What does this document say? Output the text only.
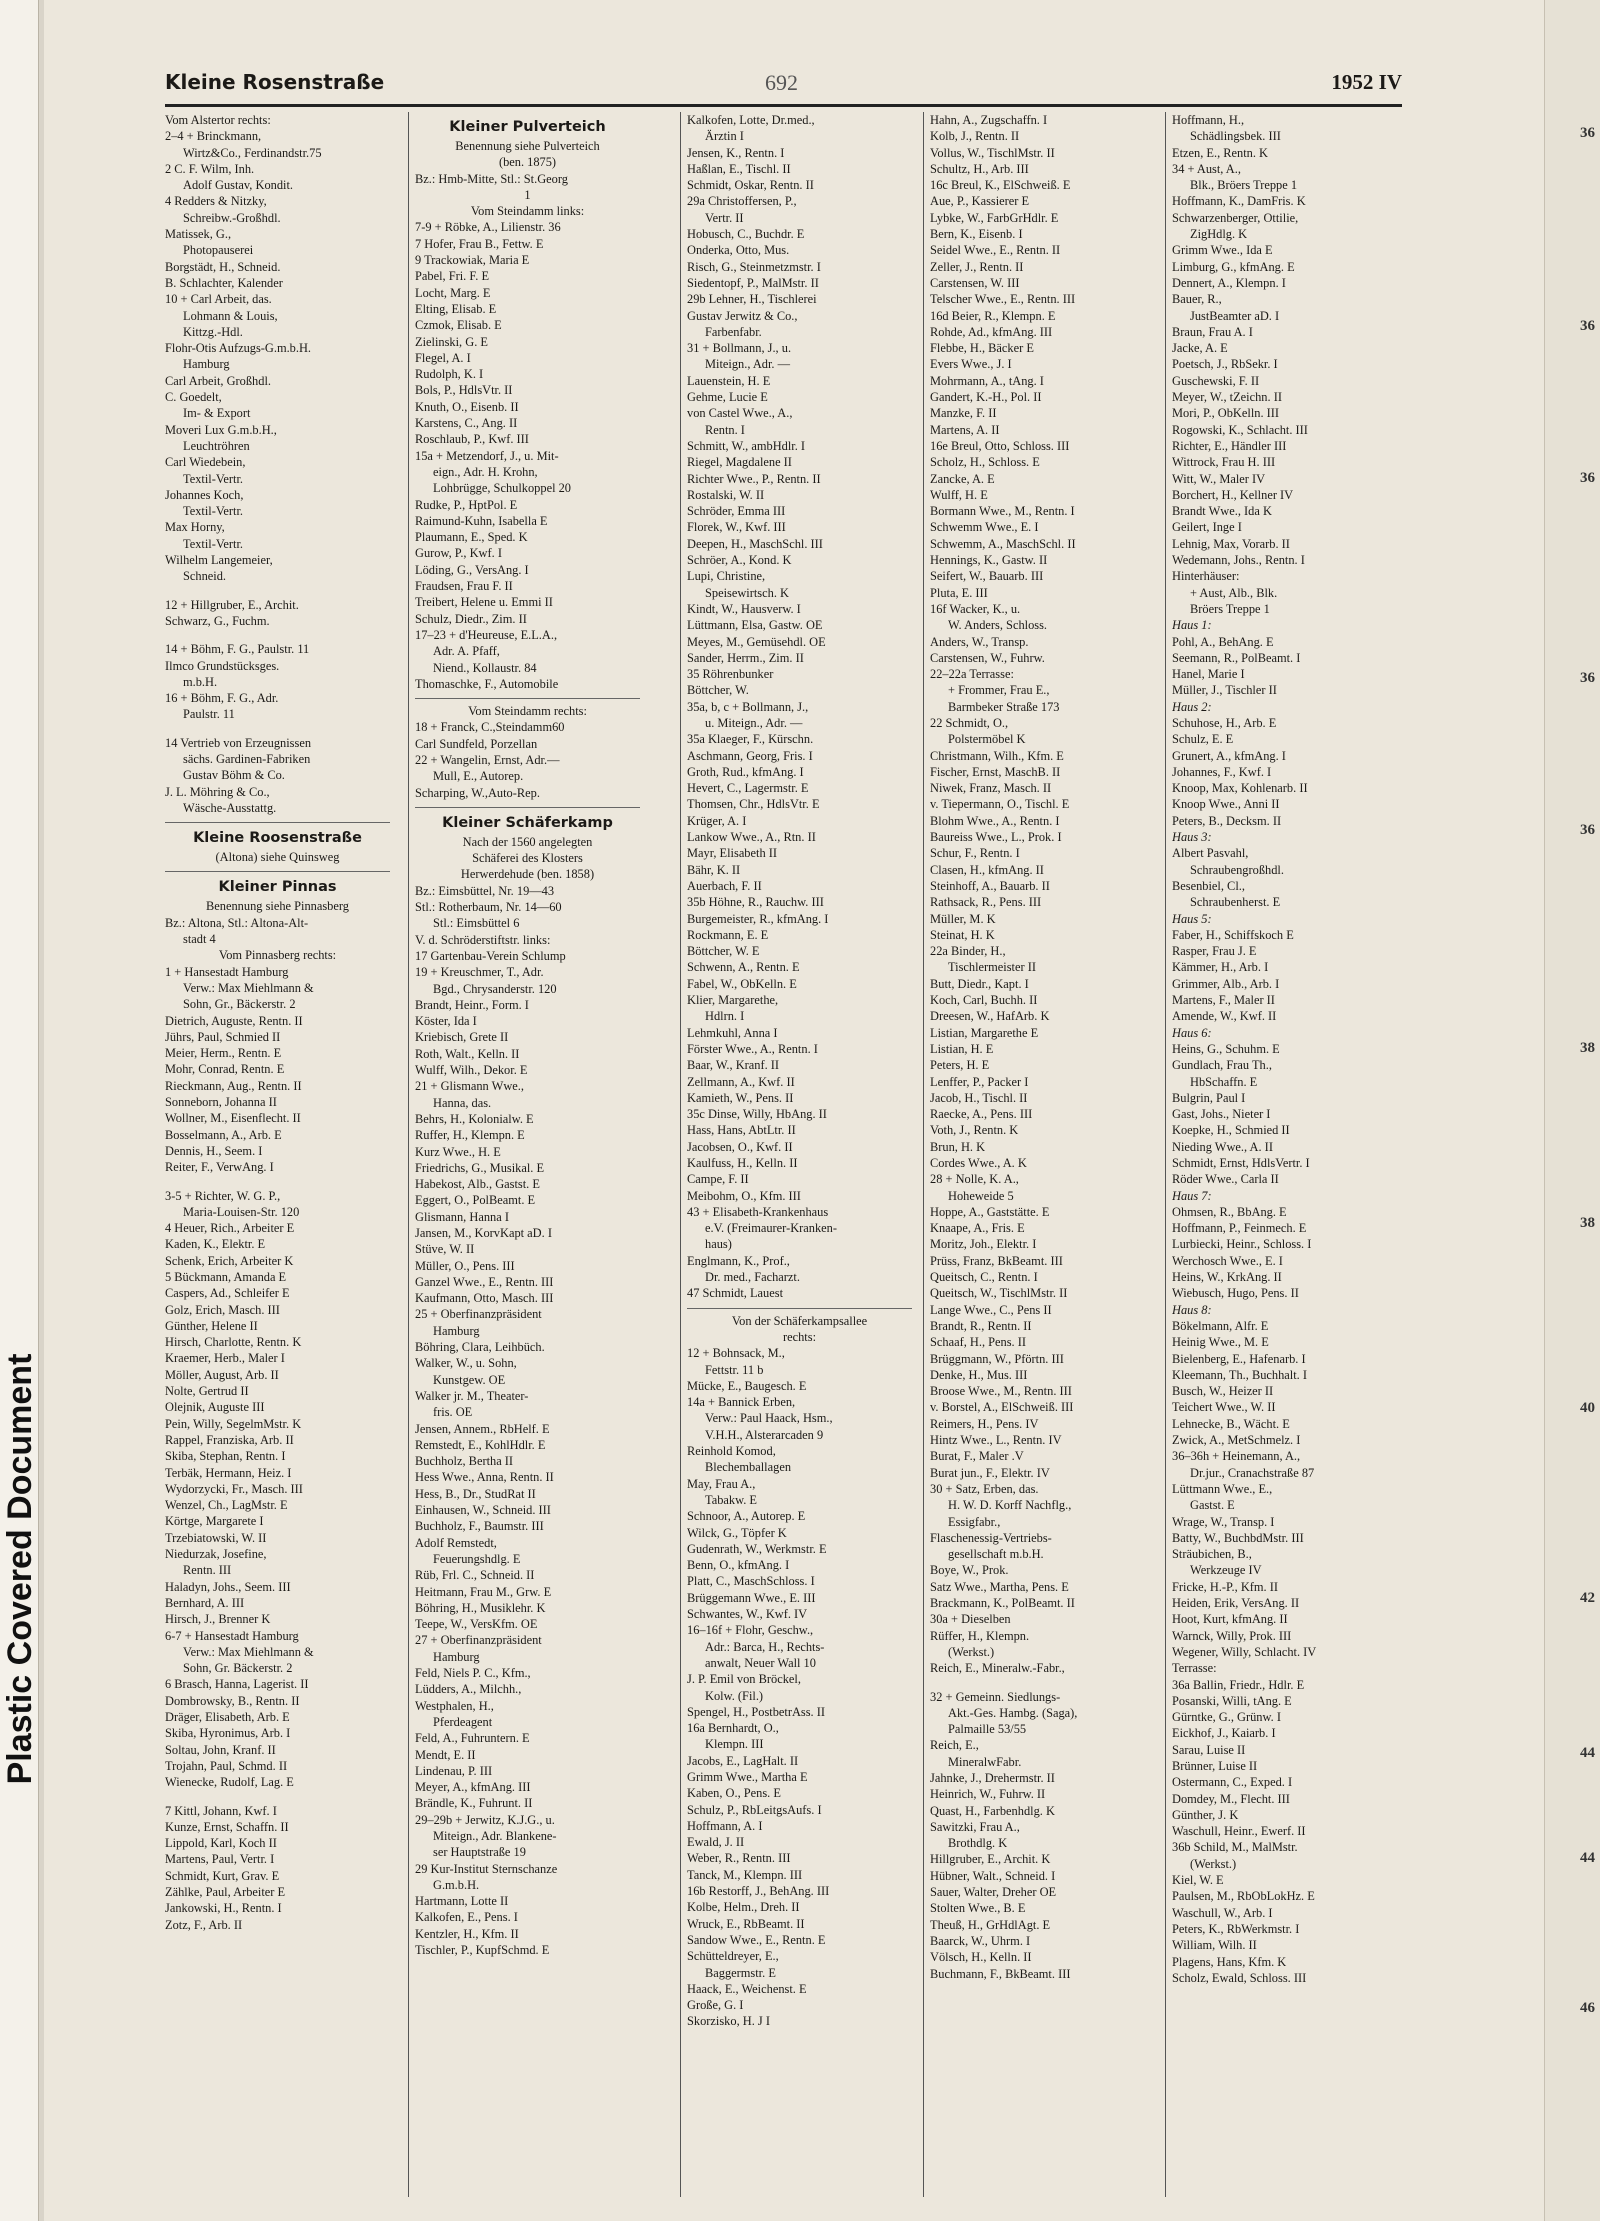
Plastic Covered Document
36
36
36
36
36
38
38
40
42
44
44
46
Kleine Rosenstraße	692	1952 IV
Vom Alstertor rechts:
2–4 + Brinckmann,
Wirtz&Co., Ferdinandstr.75
2 C. F. Wilm, Inh.
Adolf Gustav, Kondit.
4 Redders & Nitzky,
Schreibw.-Großhdl.
Matissek, G.,
Photopauserei
Borgstädt, H., Schneid.
B. Schlachter, Kalender
10 + Carl Arbeit, das.
Lohmann & Louis,
Kittzg.-Hdl.
Flohr-Otis Aufzugs-G.m.b.H.
Hamburg
Carl Arbeit, Großhdl.
C. Goedelt,
Im- & Export
Moveri Lux G.m.b.H.,
Leuchtröhren
Carl Wiedebein,
Textil-Vertr.
Johannes Koch,
Textil-Vertr.
Max Horny,
Textil-Vertr.
Wilhelm Langemeier,
Schneid.
12 + Hillgruber, E., Archit.
Schwarz, G., Fuchm.
14 + Böhm, F. G., Paulstr. 11
Ilmco Grundstücksges.
m.b.H.
16 + Böhm, F. G., Adr.
Paulstr. 11
14 Vertrieb von Erzeugnissen
sächs. Gardinen-Fabriken
Gustav Böhm & Co.
J. L. Möhring & Co.,
Wäsche-Ausstattg.
Kleine Roosenstraße
(Altona) siehe Quinsweg
Kleiner Pinnas
Benennung siehe Pinnasberg
Bz.: Altona, Stl.: Altona-Alt-
stadt 4
Vom Pinnasberg rechts:
1 + Hansestadt Hamburg
Verw.: Max Miehlmann &
Sohn, Gr., Bäckerstr. 2
Dietrich, Auguste, Rentn. II
Jührs, Paul, Schmied II
Meier, Herm., Rentn. E
Mohr, Conrad, Rentn. E
Rieckmann, Aug., Rentn. II
Sonneborn, Johanna II
Wollner, M., Eisenflecht. II
Bosselmann, A., Arb. E
Dennis, H., Seem. I
Reiter, F., VerwAng. I
3-5 + Richter, W. G. P.,
Maria-Louisen-Str. 120
4 Heuer, Rich., Arbeiter E
Kaden, K., Elektr. E
Schenk, Erich, Arbeiter K
5 Bückmann, Amanda E
Caspers, Ad., Schleifer E
Golz, Erich, Masch. III
Günther, Helene II
Hirsch, Charlotte, Rentn. K
Kraemer, Herb., Maler I
Möller, August, Arb. II
Nolte, Gertrud II
Olejnik, Auguste III
Pein, Willy, SegelmMstr. K
Rappel, Franziska, Arb. II
Skiba, Stephan, Rentn. I
Terbäk, Hermann, Heiz. I
Wydorzycki, Fr., Masch. III
Wenzel, Ch., LagMstr. E
Körtge, Margarete I
Trzebiatowski, W. II
Niedurzak, Josefine,
Rentn. III
Haladyn, Johs., Seem. III
Bernhard, A. III
Hirsch, J., Brenner K
6-7 + Hansestadt Hamburg
Verw.: Max Miehlmann &
Sohn, Gr. Bäckerstr. 2
6 Brasch, Hanna, Lagerist. II
Dombrowsky, B., Rentn. II
Dräger, Elisabeth, Arb. E
Skiba, Hyronimus, Arb. I
Soltau, John, Kranf. II
Trojahn, Paul, Schmd. II
Wienecke, Rudolf, Lag. E
7 Kittl, Johann, Kwf. I
Kunze, Ernst, Schaffn. II
Lippold, Karl, Koch II
Martens, Paul, Vertr. I
Schmidt, Kurt, Grav. E
Zählke, Paul, Arbeiter E
Jankowski, H., Rentn. I
Zotz, F., Arb. II
Kleiner Pulverteich
Benennung siehe Pulverteich
(ben. 1875)
Bz.: Hmb-Mitte, Stl.: St.Georg
1
Vom Steindamm links:
7-9 + Röbke, A., Lilienstr. 36
7 Hofer, Frau B., Fettw. E
9 Trackowiak, Maria E
Pabel, Fri. F. E
Locht, Marg. E
Elting, Elisab. E
Czmok, Elisab. E
Zielinski, G. E
Flegel, A. I
Rudolph, K. I
Bols, P., HdlsVtr. II
Knuth, O., Eisenb. II
Karstens, C., Ang. II
Roschlaub, P., Kwf. III
15a + Metzendorf, J., u. Mit-
eign., Adr. H. Krohn,
Lohbrügge, Schulkoppel 20
Rudke, P., HptPol. E
Raimund-Kuhn, Isabella E
Plaumann, E., Sped. K
Gurow, P., Kwf. I
Löding, G., VersAng. I
Fraudsen, Frau F. II
Treibert, Helene u. Emmi II
Schulz, Diedr., Zim. II
17–23 + d'Heureuse, E.L.A.,
Adr. A. Pfaff,
Niend., Kollaustr. 84
Thomaschke, F., Automobile
Vom Steindamm rechts:
18 + Franck, C.,Steindamm60
Carl Sundfeld, Porzellan
22 + Wangelin, Ernst, Adr.—
Mull, E., Autorep.
Scharping, W.,Auto-Rep.
Kleiner Schäferkamp
Nach der 1560 angelegten
Schäferei des Klosters
Herwerdehude (ben. 1858)
Bz.: Eimsbüttel, Nr. 19—43
Stl.: Rotherbaum, Nr. 14—60
Stl.: Eimsbüttel 6
V. d. Schröderstiftstr. links:
17 Gartenbau-Verein Schlump
19 + Kreuschmer, T., Adr.
Bgd., Chrysanderstr. 120
Brandt, Heinr., Form. I
Köster, Ida I
Kriebisch, Grete II
Roth, Walt., Kelln. II
Wulff, Wilh., Dekor. E
21 + Glismann Wwe.,
Hanna, das.
Behrs, H., Kolonialw. E
Ruffer, H., Klempn. E
Kurz Wwe., H. E
Friedrichs, G., Musikal. E
Habekost, Alb., Gastst. E
Eggert, O., PolBeamt. E
Glismann, Hanna I
Jansen, M., KorvKapt aD. I
Stüve, W. II
Müller, O., Pens. III
Ganzel Wwe., E., Rentn. III
Kaufmann, Otto, Masch. III
25 + Oberfinanzpräsident
Hamburg
Böhring, Clara, Leihbüch.
Walker, W., u. Sohn,
Kunstgew. OE
Walker jr. M., Theater-
fris. OE
Jensen, Annem., RbHelf. E
Remstedt, E., KohlHdlr. E
Buchholz, Bertha II
Hess Wwe., Anna, Rentn. II
Hess, B., Dr., StudRat II
Einhausen, W., Schneid. III
Buchholz, F., Baumstr. III
Adolf Remstedt,
Feuerungshdlg. E
Rüb, Frl. C., Schneid. II
Heitmann, Frau M., Grw. E
Böhring, H., Musiklehr. K
Teepe, W., VersKfm. OE
27 + Oberfinanzpräsident
Hamburg
Feld, Niels P. C., Kfm.,
Lüdders, A., Milchh.,
Westphalen, H.,
Pferdeagent
Feld, A., Fuhruntern. E
Mendt, E. II
Lindenau, P. III
Meyer, A., kfmAng. III
Brändle, K., Fuhrunt. II
29–29b + Jerwitz, K.J.G., u.
Miteign., Adr. Blankene-
ser Hauptstraße 19
29 Kur-Institut Sternschanze
G.m.b.H.
Hartmann, Lotte II
Kalkofen, E., Pens. I
Kentzler, H., Kfm. II
Tischler, P., KupfSchmd. E
Kalkofen, Lotte, Dr.med.,
Ärztin I
Jensen, K., Rentn. I
Haßlan, E., Tischl. II
Schmidt, Oskar, Rentn. II
29a Christoffersen, P.,
Vertr. II
Hobusch, C., Buchdr. E
Onderka, Otto, Mus.
Risch, G., Steinmetzmstr. I
Siedentopf, P., MalMstr. II
29b Lehner, H., Tischlerei
Gustav Jerwitz & Co.,
Farbenfabr.
31 + Bollmann, J., u.
Miteign., Adr. —
Lauenstein, H. E
Gehme, Lucie E
von Castel Wwe., A.,
Rentn. I
Schmitt, W., ambHdlr. I
Riegel, Magdalene II
Richter Wwe., P., Rentn. II
Rostalski, W. II
Schröder, Emma III
Florek, W., Kwf. III
Deepen, H., MaschSchl. III
Schröer, A., Kond. K
Lupi, Christine,
Speisewirtsch. K
Kindt, W., Hausverw. I
Lüttmann, Elsa, Gastw. OE
Meyes, M., Gemüsehdl. OE
Sander, Herrm., Zim. II
35 Röhrenbunker
Böttcher, W.
35a, b, c + Bollmann, J.,
u. Miteign., Adr. —
35a Klaeger, F., Kürschn.
Aschmann, Georg, Fris. I
Groth, Rud., kfmAng. I
Hevert, C., Lagermstr. E
Thomsen, Chr., HdlsVtr. E
Krüger, A. I
Lankow Wwe., A., Rtn. II
Mayr, Elisabeth II
Bähr, K. II
Auerbach, F. II
35b Höhne, R., Rauchw. III
Burgemeister, R., kfmAng. I
Rockmann, E. E
Böttcher, W. E
Schwenn, A., Rentn. E
Fabel, W., ObKelln. E
Klier, Margarethe,
Hdlrn. I
Lehmkuhl, Anna I
Förster Wwe., A., Rentn. I
Baar, W., Kranf. II
Zellmann, A., Kwf. II
Kamieth, W., Pens. II
35c Dinse, Willy, HbAng. II
Hass, Hans, AbtLtr. II
Jacobsen, O., Kwf. II
Kaulfuss, H., Kelln. II
Campe, F. II
Meibohm, O., Kfm. III
43 + Elisabeth-Krankenhaus
e.V. (Freimaurer-Kranken-
haus)
Englmann, K., Prof.,
Dr. med., Facharzt.
47 Schmidt, Lauest
Von der Schäferkampsallee
rechts:
12 + Bohnsack, M.,
Fettstr. 11 b
Mücke, E., Baugesch. E
14a + Bannick Erben,
Verw.: Paul Haack, Hsm.,
V.H.H., Alsterarcaden 9
Reinhold Komod,
Blechemballagen
May, Frau A.,
Tabakw. E
Schnoor, A., Autorep. E
Wilck, G., Töpfer K
Gudenrath, W., Werkmstr. E
Benn, O., kfmAng. I
Platt, C., MaschSchloss. I
Brüggemann Wwe., E. III
Schwantes, W., Kwf. IV
16–16f + Flohr, Geschw.,
Adr.: Barca, H., Rechts-
anwalt, Neuer Wall 10
J. P. Emil von Bröckel,
Kolw. (Fil.)
Spengel, H., PostbetrAss. II
16a Bernhardt, O.,
Klempn. III
Jacobs, E., LagHalt. II
Grimm Wwe., Martha E
Kaben, O., Pens. E
Schulz, P., RbLeitgsAufs. I
Hoffmann, A. I
Ewald, J. II
Weber, R., Rentn. III
Tanck, M., Klempn. III
16b Restorff, J., BehAng. III
Kolbe, Helm., Dreh. II
Wruck, E., RbBeamt. II
Sandow Wwe., E., Rentn. E
Schütteldreyer, E.,
Baggermstr. E
Haack, E., Weichenst. E
Große, G. I
Skorzisko, H. J I
Hahn, A., Zugschaffn. I
Kolb, J., Rentn. II
Vollus, W., TischlMstr. II
Schultz, H., Arb. III
16c Breul, K., ElSchweiß. E
Aue, P., Kassierer E
Lybke, W., FarbGrHdlr. E
Bern, K., Eisenb. I
Seidel Wwe., E., Rentn. II
Zeller, J., Rentn. II
Carstensen, W. III
Telscher Wwe., E., Rentn. III
16d Beier, R., Klempn. E
Rohde, Ad., kfmAng. III
Flebbe, H., Bäcker E
Evers Wwe., J. I
Mohrmann, A., tAng. I
Gandert, K.-H., Pol. II
Manzke, F. II
Martens, A. II
16e Breul, Otto, Schloss. III
Scholz, H., Schloss. E
Zancke, A. E
Wulff, H. E
Bormann Wwe., M., Rentn. I
Schwemm Wwe., E. I
Schwemm, A., MaschSchl. II
Hennings, K., Gastw. II
Seifert, W., Bauarb. III
Pluta, E. III
16f Wacker, K., u.
W. Anders, Schloss.
Anders, W., Transp.
Carstensen, W., Fuhrw.
22–22a Terrasse:
+ Frommer, Frau E.,
Barmbeker Straße 173
22 Schmidt, O.,
Polstermöbel K
Christmann, Wilh., Kfm. E
Fischer, Ernst, MaschB. II
Niwek, Franz, Masch. II
v. Tiepermann, O., Tischl. E
Blohm Wwe., A., Rentn. I
Baureiss Wwe., L., Prok. I
Schur, F., Rentn. I
Clasen, H., kfmAng. II
Steinhoff, A., Bauarb. II
Rathsack, R., Pens. III
Müller, M. K
Steinat, H. K
22a Binder, H.,
Tischlermeister II
Butt, Diedr., Kapt. I
Koch, Carl, Buchh. II
Dreesen, W., HafArb. K
Listian, Margarethe E
Listian, H. E
Peters, H. E
Lenffer, P., Packer I
Jacob, H., Tischl. II
Raecke, A., Pens. III
Voth, J., Rentn. K
Brun, H. K
Cordes Wwe., A. K
28 + Nolle, K. A.,
Hoheweide 5
Hoppe, A., Gaststätte. E
Knaape, A., Fris. E
Moritz, Joh., Elektr. I
Prüss, Franz, BkBeamt. III
Queitsch, C., Rentn. I
Queitsch, W., TischlMstr. II
Lange Wwe., C., Pens II
Brandt, R., Rentn. II
Schaaf, H., Pens. II
Brüggmann, W., Pförtn. III
Denke, H., Mus. III
Broose Wwe., M., Rentn. III
v. Borstel, A., ElSchweiß. III
Reimers, H., Pens. IV
Hintz Wwe., L., Rentn. IV
Burat, F., Maler .V
Burat jun., F., Elektr. IV
30 + Satz, Erben, das.
H. W. D. Korff Nachflg.,
Essigfabr.,
Flaschenessig-Vertriebs-
gesellschaft m.b.H.
Boye, W., Prok.
Satz Wwe., Martha, Pens. E
Brackmann, K., PolBeamt. II
30a + Dieselben
Rüffer, H., Klempn.
(Werkst.)
Reich, E., Mineralw.-Fabr.,
32 + Gemeinn. Siedlungs-
Akt.-Ges. Hambg. (Saga),
Palmaille 53/55
Reich, E.,
MineralwFabr.
Jahnke, J., Drehermstr. II
Heinrich, W., Fuhrw. II
Quast, H., Farbenhdlg. K
Sawitzki, Frau A.,
Brothdlg. K
Hillgruber, E., Archit. K
Hübner, Walt., Schneid. I
Sauer, Walter, Dreher OE
Stolten Wwe., B. E
Theuß, H., GrHdlAgt. E
Baarck, W., Uhrm. I
Völsch, H., Kelln. II
Buchmann, F., BkBeamt. III
Hoffmann, H.,
Schädlingsbek. III
Etzen, E., Rentn. K
34 + Aust, A.,
Blk., Bröers Treppe 1
Hoffmann, K., DamFris. K
Schwarzenberger, Ottilie,
ZigHdlg. K
Grimm Wwe., Ida E
Limburg, G., kfmAng. E
Dennert, A., Klempn. I
Bauer, R.,
JustBeamter aD. I
Braun, Frau A. I
Jacke, A. E
Poetsch, J., RbSekr. I
Guschewski, F. II
Meyer, W., tZeichn. II
Mori, P., ObKelln. III
Rogowski, K., Schlacht. III
Richter, E., Händler III
Wittrock, Frau H. III
Witt, W., Maler IV
Borchert, H., Kellner IV
Brandt Wwe., Ida K
Geilert, Inge I
Lehnig, Max, Vorarb. II
Wedemann, Johs., Rentn. I
Hinterhäuser:
+ Aust, Alb., Blk.
Bröers Treppe 1
Haus 1:
Pohl, A., BehAng. E
Seemann, R., PolBeamt. I
Hanel, Marie I
Müller, J., Tischler II
Haus 2:
Schuhose, H., Arb. E
Schulz, E. E
Grunert, A., kfmAng. I
Johannes, F., Kwf. I
Knoop, Max, Kohlenarb. II
Knoop Wwe., Anni II
Peters, B., Decksm. II
Haus 3:
Albert Pasvahl,
Schraubengroßhdl.
Besenbiel, Cl.,
Schraubenherst. E
Haus 5:
Faber, H., Schiffskoch E
Rasper, Frau J. E
Kämmer, H., Arb. I
Grimmer, Alb., Arb. I
Martens, F., Maler II
Amende, W., Kwf. II
Haus 6:
Heins, G., Schuhm. E
Gundlach, Frau Th.,
HbSchaffn. E
Bulgrin, Paul I
Gast, Johs., Nieter I
Koepke, H., Schmied II
Nieding Wwe., A. II
Schmidt, Ernst, HdlsVertr. I
Röder Wwe., Carla II
Haus 7:
Ohmsen, R., BbAng. E
Hoffmann, P., Feinmech. E
Lurbiecki, Heinr., Schloss. I
Werchosch Wwe., E. I
Heins, W., KrkAng. II
Wiebusch, Hugo, Pens. II
Haus 8:
Bökelmann, Alfr. E
Heinig Wwe., M. E
Bielenberg, E., Hafenarb. I
Kleemann, Th., Buchhalt. I
Busch, W., Heizer II
Teichert Wwe., W. II
Lehnecke, B., Wächt. E
Zwick, A., MetSchmelz. I
36–36h + Heinemann, A.,
Dr.jur., Cranachstraße 87
Lüttmann Wwe., E.,
Gastst. E
Wrage, W., Transp. I
Batty, W., BuchbdMstr. III
Sträubichen, B.,
Werkzeuge IV
Fricke, H.-P., Kfm. II
Heiden, Erik, VersAng. II
Hoot, Kurt, kfmAng. II
Warnck, Willy, Prok. III
Wegener, Willy, Schlacht. IV
Terrasse:
36a Ballin, Friedr., Hdlr. E
Posanski, Willi, tAng. E
Gürntke, G., Grünw. I
Eickhof, J., Kaiarb. I
Sarau, Luise II
Brünner, Luise II
Ostermann, C., Exped. I
Domdey, M., Flecht. III
Günther, J. K
Waschull, Heinr., Ewerf. II
36b Schild, M., MalMstr.
(Werkst.)
Kiel, W. E
Paulsen, M., RbObLokHz. E
Waschull, W., Arb. I
Peters, K., RbWerkmstr. I
William, Wilh. II
Plagens, Hans, Kfm. K
Scholz, Ewald, Schloss. III
